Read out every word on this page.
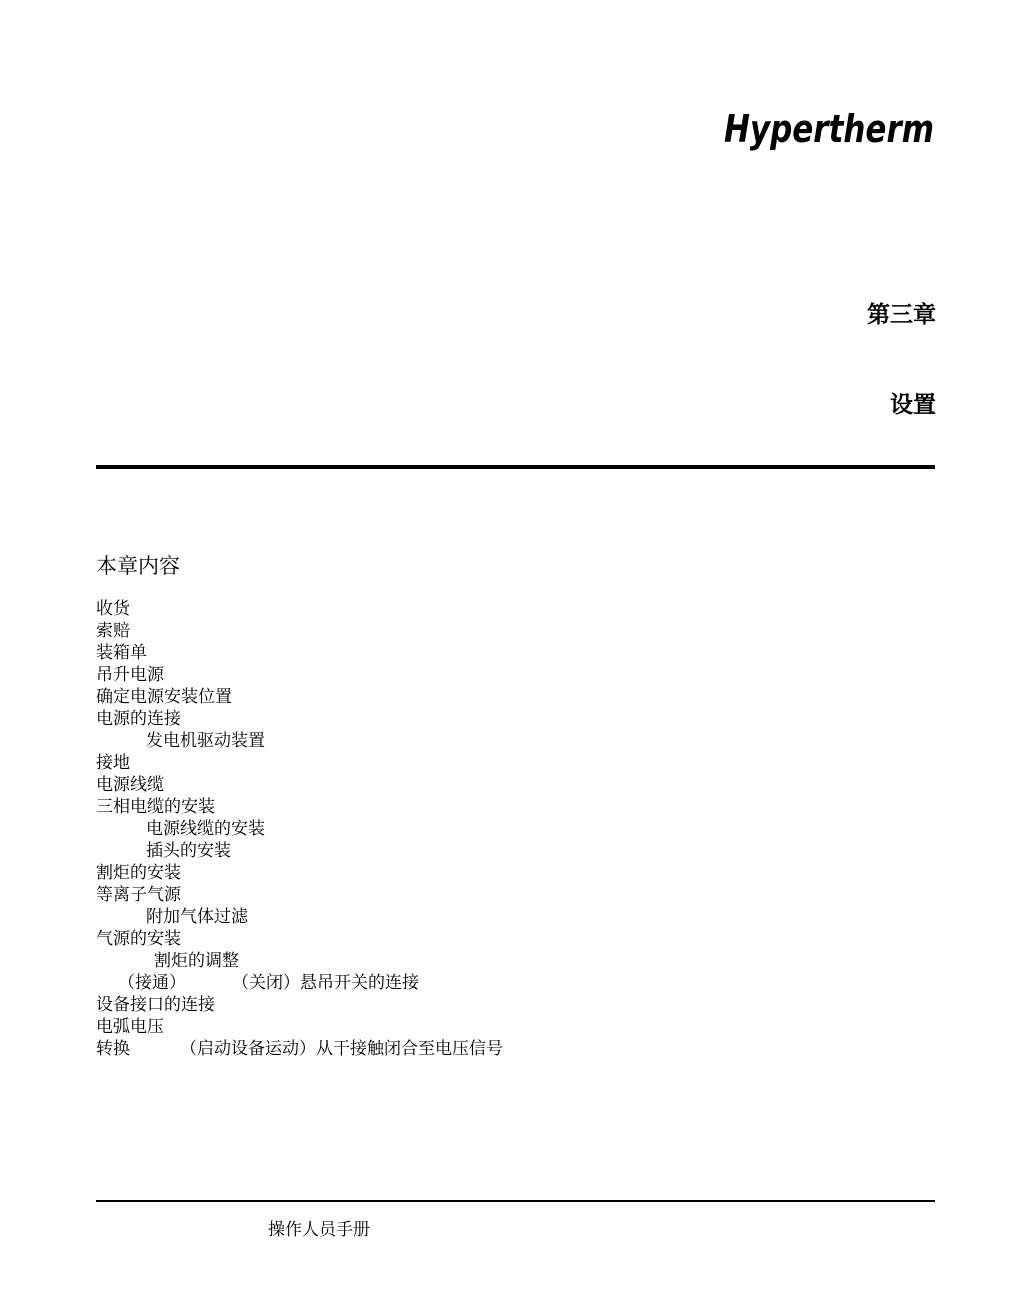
Hypertherm
第三章
设置
本章内容
收货
索赔
装箱单
吊升电源
确定电源安装位置
电源的连接
发电机驱动装置
接地
电源线缆
三相电缆的安装
电源线缆的安装
插头的安装
割炬的安装
等离子气源
附加气体过滤
气源的安装
割炬的调整
（接通）	（关闭）悬吊开关的连接
设备接口的连接
电弧电压
转换	（启动设备运动）从干接触闭合至电压信号
操作人员手册
